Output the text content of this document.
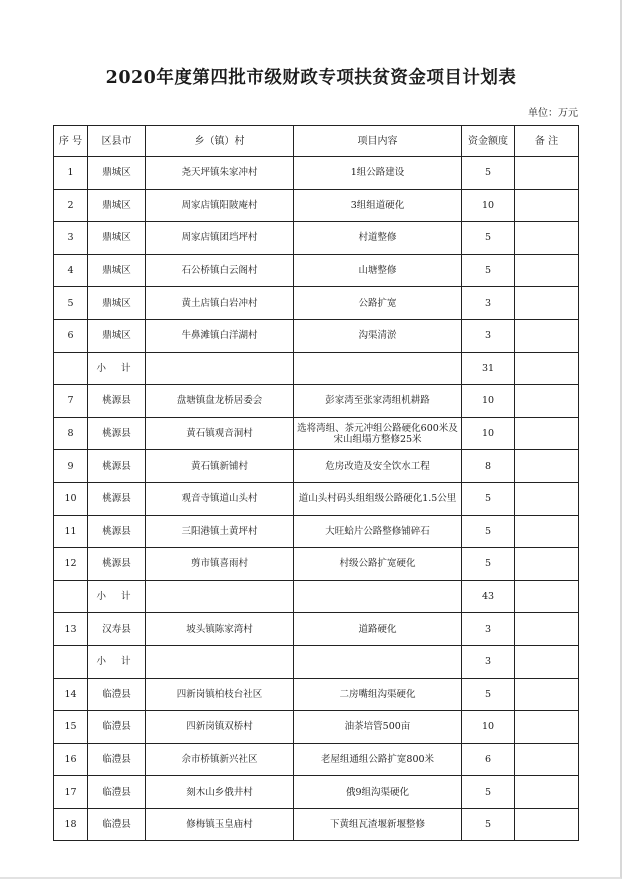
2020年度第四批市级财政专项扶贫资金项目计划表
单位：万元
序 号	区县市	乡（镇）村	项目内容	资金额度	备 注
1	鼎城区	尧天坪镇朱家冲村	1组公路建设	5	
2	鼎城区	周家店镇阳陂庵村	3组组道硬化	10	
3	鼎城区	周家店镇团垱坪村	村道整修	5	
4	鼎城区	石公桥镇白云阁村	山塘整修	5	
5	鼎城区	黄土店镇白岩冲村	公路扩宽	3	
6	鼎城区	牛鼻滩镇白洋湖村	沟渠清淤	3	
	小 计			31	
7	桃源县	盘塘镇盘龙桥居委会	彭家湾至张家湾组机耕路	10	
8	桃源县	黄石镇观音洞村	选将湾组、茶元冲组公路硬化600米及宋山组塌方整修25米	10	
9	桃源县	黄石镇新铺村	危房改造及安全饮水工程	8	
10	桃源县	观音寺镇道山头村	道山头村码头组组级公路硬化1.5公里	5	
11	桃源县	三阳港镇土黄坪村	大旺蛤片公路整修铺碎石	5	
12	桃源县	剪市镇喜雨村	村级公路扩宽硬化	5	
	小 计			43	
13	汉寿县	坡头镇陈家湾村	道路硬化	3	
	小 计			3	
14	临澧县	四新岗镇柏枝台社区	二房嘴组沟渠硬化	5	
15	临澧县	四新岗镇双桥村	油茶培管500亩	10	
16	临澧县	佘市桥镇新兴社区	老屋组通组公路扩宽800米	6	
17	临澧县	刻木山乡俄井村	俄9组沟渠硬化	5	
18	临澧县	修梅镇玉皇庙村	下黄组瓦渣堰新堰整修	5	
